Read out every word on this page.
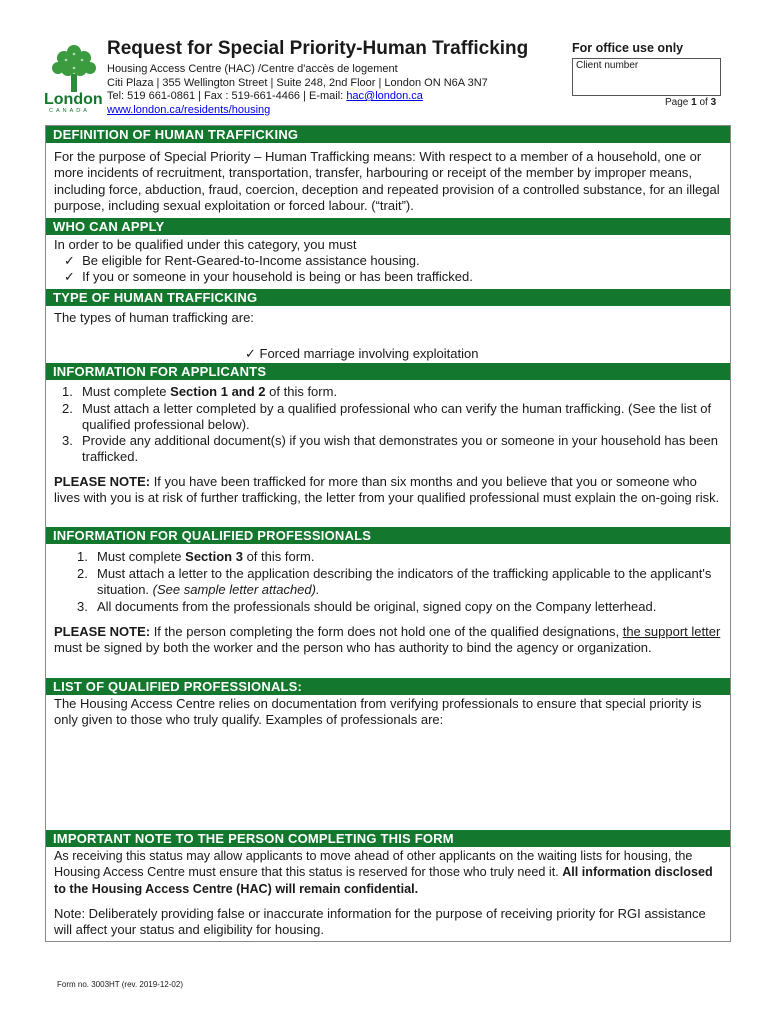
London
CANADA
Request for Special Priority-Human Trafficking
Housing Access Centre (HAC) /Centre d'accès de logement
Citi Plaza | 355 Wellington Street | Suite 248, 2nd Floor | London ON N6A 3N7
Tel: 519 661-0861 | Fax : 519-661-4466 | E-mail: hac@london.ca
www.london.ca/residents/housing
For office use only
Client number
Page 1 of 3
DEFINITION OF HUMAN TRAFFICKING
For the purpose of Special Priority – Human Trafficking means: With respect to a member of a household, one or more incidents of recruitment, transportation, transfer, harbouring or receipt of the member by improper means, including force, abduction, fraud, coercion, deception and repeated provision of a controlled substance, for an illegal purpose, including sexual exploitation or forced labour. (“trait”).
WHO CAN APPLY
In order to be qualified under this category, you must
✓  Be eligible for Rent-Geared-to-Income assistance housing.
✓  If you or someone in your household is being or has been trafficked.
TYPE OF HUMAN TRAFFICKING
The types of human trafficking are:
✓ Forced marriage involving exploitation
INFORMATION FOR APPLICANTS
1. Must complete Section 1 and 2 of this form.
2. Must attach a letter completed by a qualified professional who can verify the human trafficking. (See the list of qualified professional below).
3. Provide any additional document(s) if you wish that demonstrates you or someone in your household has been trafficked.
PLEASE NOTE: If you have been trafficked for more than six months and you believe that you or someone who lives with you is at risk of further trafficking, the letter from your qualified professional must explain the on-going risk.
INFORMATION FOR QUALIFIED PROFESSIONALS
1. Must complete Section 3 of this form.
2. Must attach a letter to the application describing the indicators of the trafficking applicable to the applicant's situation. (See sample letter attached).
3. All documents from the professionals should be original, signed copy on the Company letterhead.
PLEASE NOTE: If the person completing the form does not hold one of the qualified designations, the support letter must be signed by both the worker and the person who has authority to bind the agency or organization.
LIST OF QUALIFIED PROFESSIONALS:
The Housing Access Centre relies on documentation from verifying professionals to ensure that special priority is only given to those who truly qualify. Examples of professionals are:
IMPORTANT NOTE TO THE PERSON COMPLETING THIS FORM
As receiving this status may allow applicants to move ahead of other applicants on the waiting lists for housing, the Housing Access Centre must ensure that this status is reserved for those who truly need it. All information disclosed to the Housing Access Centre (HAC) will remain confidential.
Note: Deliberately providing false or inaccurate information for the purpose of receiving priority for RGI assistance will affect your status and eligibility for housing.
Form no. 3003HT (rev. 2019-12-02)
